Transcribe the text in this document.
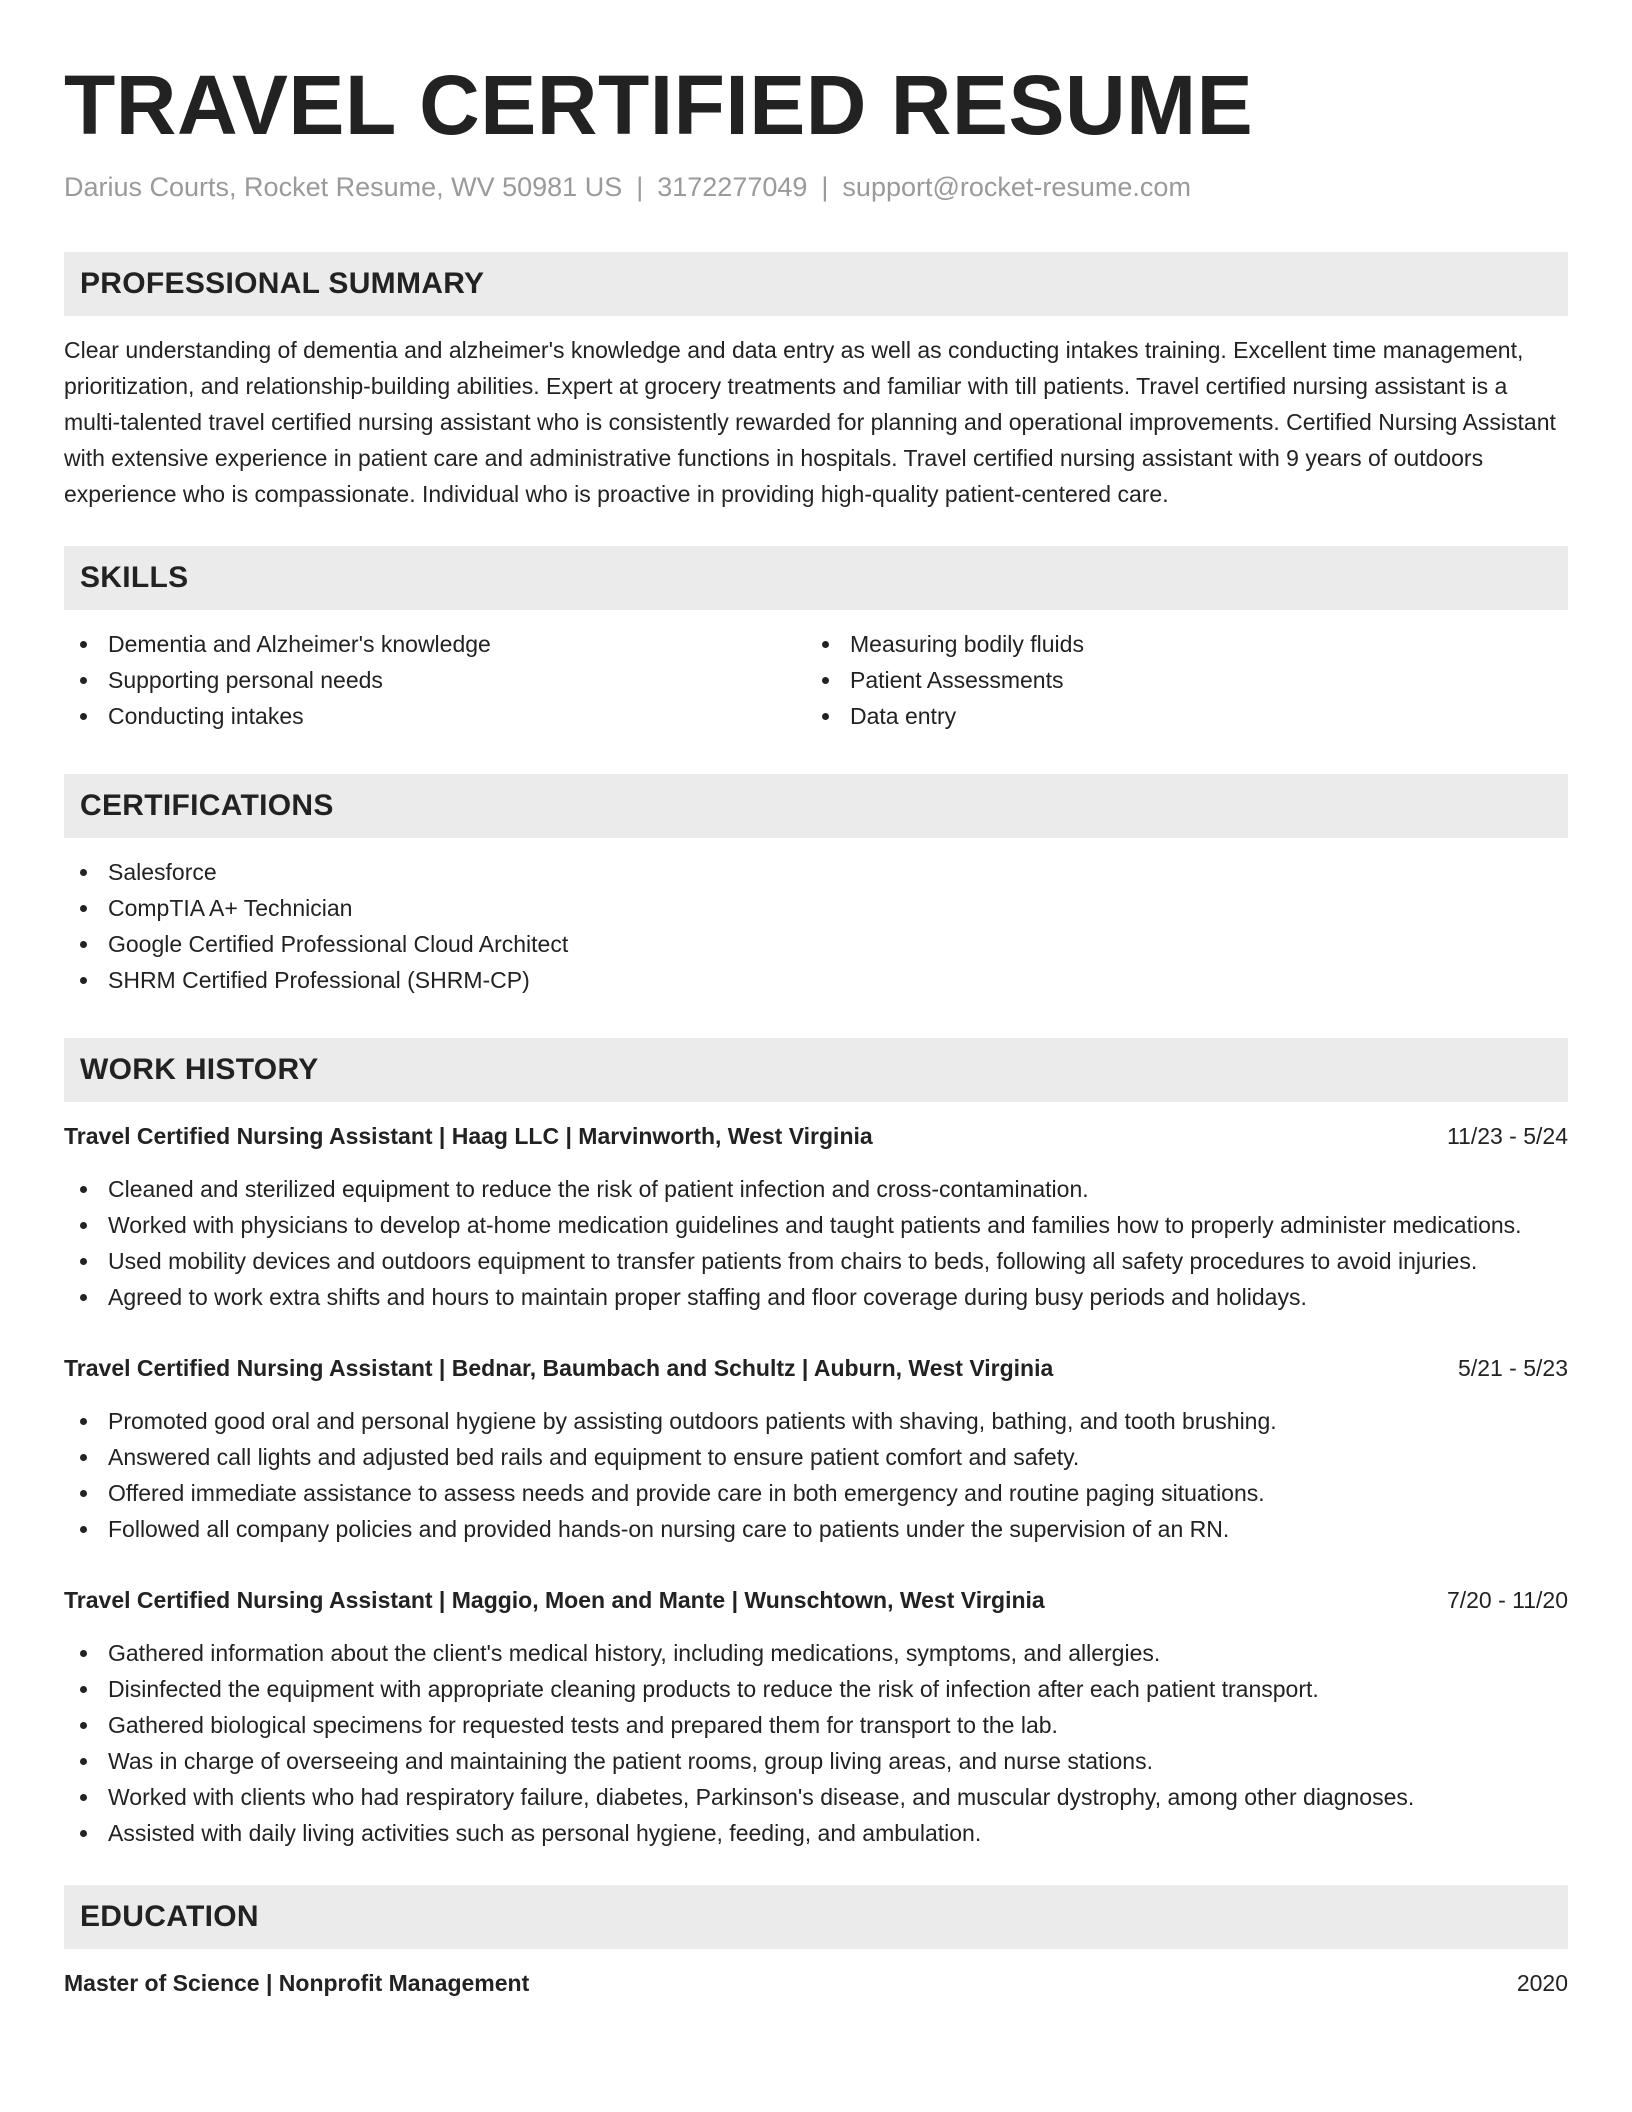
TRAVEL CERTIFIED RESUME
Darius Courts, Rocket Resume, WV 50981 US | 3172277049 | support@rocket-resume.com
PROFESSIONAL SUMMARY

Clear understanding of dementia and alzheimer's knowledge and data entry as well as conducting intakes training. Excellent time management, prioritization, and relationship-building abilities. Expert at grocery treatments and familiar with till patients. Travel certified nursing assistant is a multi-talented travel certified nursing assistant who is consistently rewarded for planning and operational improvements. Certified Nursing Assistant with extensive experience in patient care and administrative functions in hospitals. Travel certified nursing assistant with 9 years of outdoors experience who is compassionate. Individual who is proactive in providing high-quality patient-centered care.

SKILLS
Dementia and Alzheimer's knowledge
Supporting personal needs
Conducting intakes
Measuring bodily fluids
Patient Assessments
Data entry
CERTIFICATIONS
Salesforce
CompTIA A+ Technician
Google Certified Professional Cloud Architect
SHRM Certified Professional (SHRM-CP)
WORK HISTORY
Travel Certified Nursing Assistant | Haag LLC | Marvinworth, West Virginia	11/23 - 5/24
Cleaned and sterilized equipment to reduce the risk of patient infection and cross-contamination.
Worked with physicians to develop at-home medication guidelines and taught patients and families how to properly administer medications.
Used mobility devices and outdoors equipment to transfer patients from chairs to beds, following all safety procedures to avoid injuries.
Agreed to work extra shifts and hours to maintain proper staffing and floor coverage during busy periods and holidays.
Travel Certified Nursing Assistant | Bednar, Baumbach and Schultz | Auburn, West Virginia	5/21 - 5/23
Promoted good oral and personal hygiene by assisting outdoors patients with shaving, bathing, and tooth brushing.
Answered call lights and adjusted bed rails and equipment to ensure patient comfort and safety.
Offered immediate assistance to assess needs and provide care in both emergency and routine paging situations.
Followed all company policies and provided hands-on nursing care to patients under the supervision of an RN.
Travel Certified Nursing Assistant | Maggio, Moen and Mante | Wunschtown, West Virginia	7/20 - 11/20
Gathered information about the client's medical history, including medications, symptoms, and allergies.
Disinfected the equipment with appropriate cleaning products to reduce the risk of infection after each patient transport.
Gathered biological specimens for requested tests and prepared them for transport to the lab.
Was in charge of overseeing and maintaining the patient rooms, group living areas, and nurse stations.
Worked with clients who had respiratory failure, diabetes, Parkinson's disease, and muscular dystrophy, among other diagnoses.
Assisted with daily living activities such as personal hygiene, feeding, and ambulation.
EDUCATION
Master of Science | Nonprofit Management	2020
